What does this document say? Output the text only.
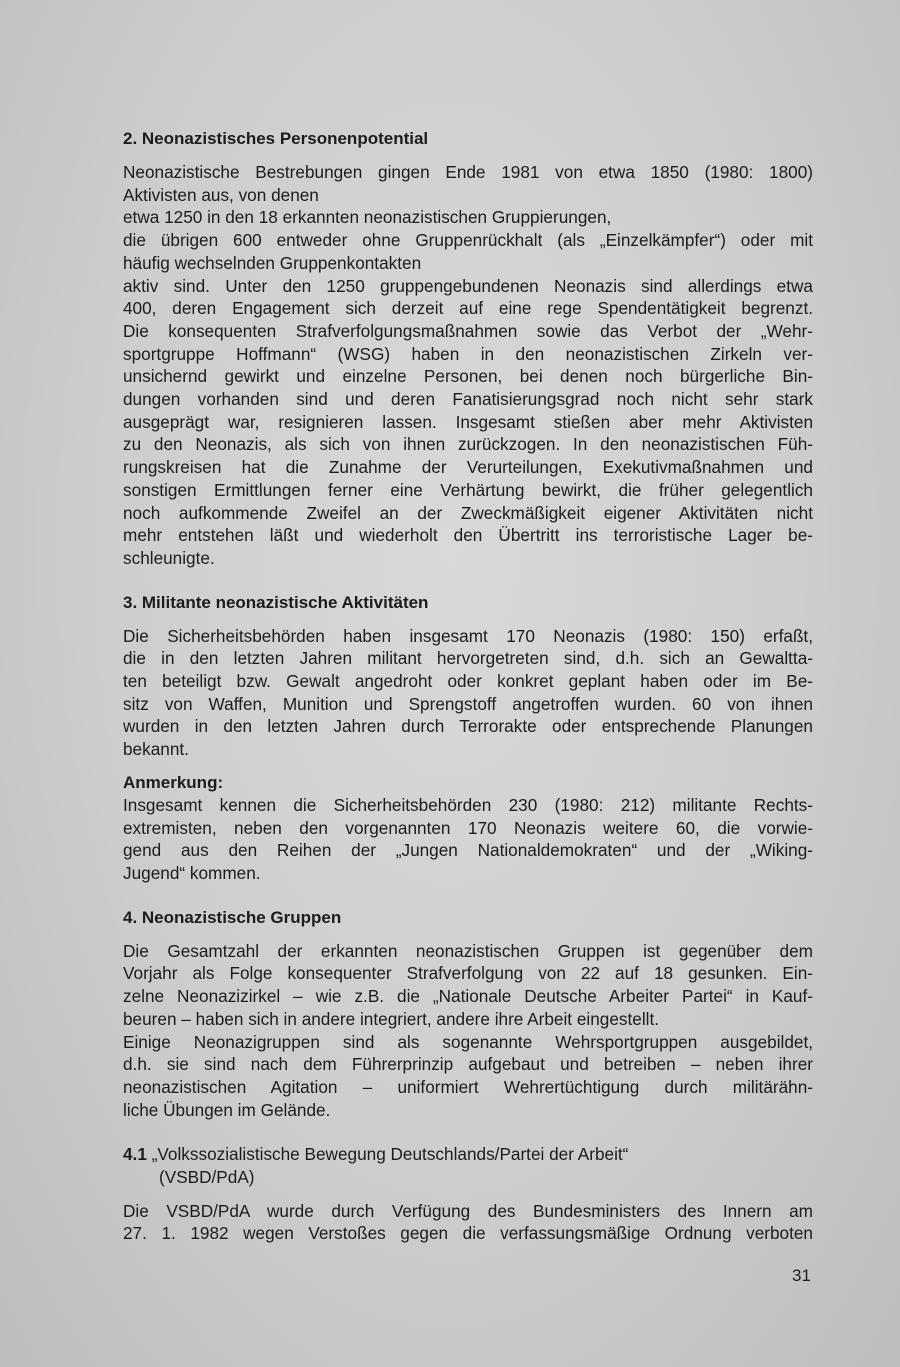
2. Neonazistisches Personenpotential
Neonazistische Bestrebungen gingen Ende 1981 von etwa 1850 (1980: 1800)
Aktivisten aus, von denen
etwa 1250 in den 18 erkannten neonazistischen Gruppierungen,
die übrigen 600 entweder ohne Gruppenrückhalt (als „Einzelkämpfer“) oder mit
häufig wechselnden Gruppenkontakten
aktiv sind. Unter den 1250 gruppengebundenen Neonazis sind allerdings etwa
400, deren Engagement sich derzeit auf eine rege Spendentätigkeit begrenzt.
Die konsequenten Strafverfolgungsmaßnahmen sowie das Verbot der „Wehr-
sportgruppe Hoffmann“ (WSG) haben in den neonazistischen Zirkeln ver-
unsichernd gewirkt und einzelne Personen, bei denen noch bürgerliche Bin-
dungen vorhanden sind und deren Fanatisierungsgrad noch nicht sehr stark
ausgeprägt war, resignieren lassen. Insgesamt stießen aber mehr Aktivisten
zu den Neonazis, als sich von ihnen zurückzogen. In den neonazistischen Füh-
rungskreisen hat die Zunahme der Verurteilungen, Exekutivmaßnahmen und
sonstigen Ermittlungen ferner eine Verhärtung bewirkt, die früher gelegentlich
noch aufkommende Zweifel an der Zweckmäßigkeit eigener Aktivitäten nicht
mehr entstehen läßt und wiederholt den Übertritt ins terroristische Lager be-
schleunigte.
3. Militante neonazistische Aktivitäten
Die Sicherheitsbehörden haben insgesamt 170 Neonazis (1980: 150) erfaßt,
die in den letzten Jahren militant hervorgetreten sind, d.h. sich an Gewaltta-
ten beteiligt bzw. Gewalt angedroht oder konkret geplant haben oder im Be-
sitz von Waffen, Munition und Sprengstoff angetroffen wurden. 60 von ihnen
wurden in den letzten Jahren durch Terrorakte oder entsprechende Planungen
bekannt.
Anmerkung:
Insgesamt kennen die Sicherheitsbehörden 230 (1980: 212) militante Rechts-
extremisten, neben den vorgenannten 170 Neonazis weitere 60, die vorwie-
gend aus den Reihen der „Jungen Nationaldemokraten“ und der „Wiking-
Jugend“ kommen.
4. Neonazistische Gruppen
Die Gesamtzahl der erkannten neonazistischen Gruppen ist gegenüber dem
Vorjahr als Folge konsequenter Strafverfolgung von 22 auf 18 gesunken. Ein-
zelne Neonazizirkel – wie z.B. die „Nationale Deutsche Arbeiter Partei“ in Kauf-
beuren – haben sich in andere integriert, andere ihre Arbeit eingestellt.
Einige Neonazigruppen sind als sogenannte Wehrsportgruppen ausgebildet,
d.h. sie sind nach dem Führerprinzip aufgebaut und betreiben – neben ihrer
neonazistischen Agitation – uniformiert Wehrertüchtigung durch militärähn-
liche Übungen im Gelände.
4.1 „Volkssozialistische Bewegung Deutschlands/Partei der Arbeit“
(VSBD/PdA)
Die VSBD/PdA wurde durch Verfügung des Bundesministers des Innern am
27. 1. 1982 wegen Verstoßes gegen die verfassungsmäßige Ordnung verboten
31
